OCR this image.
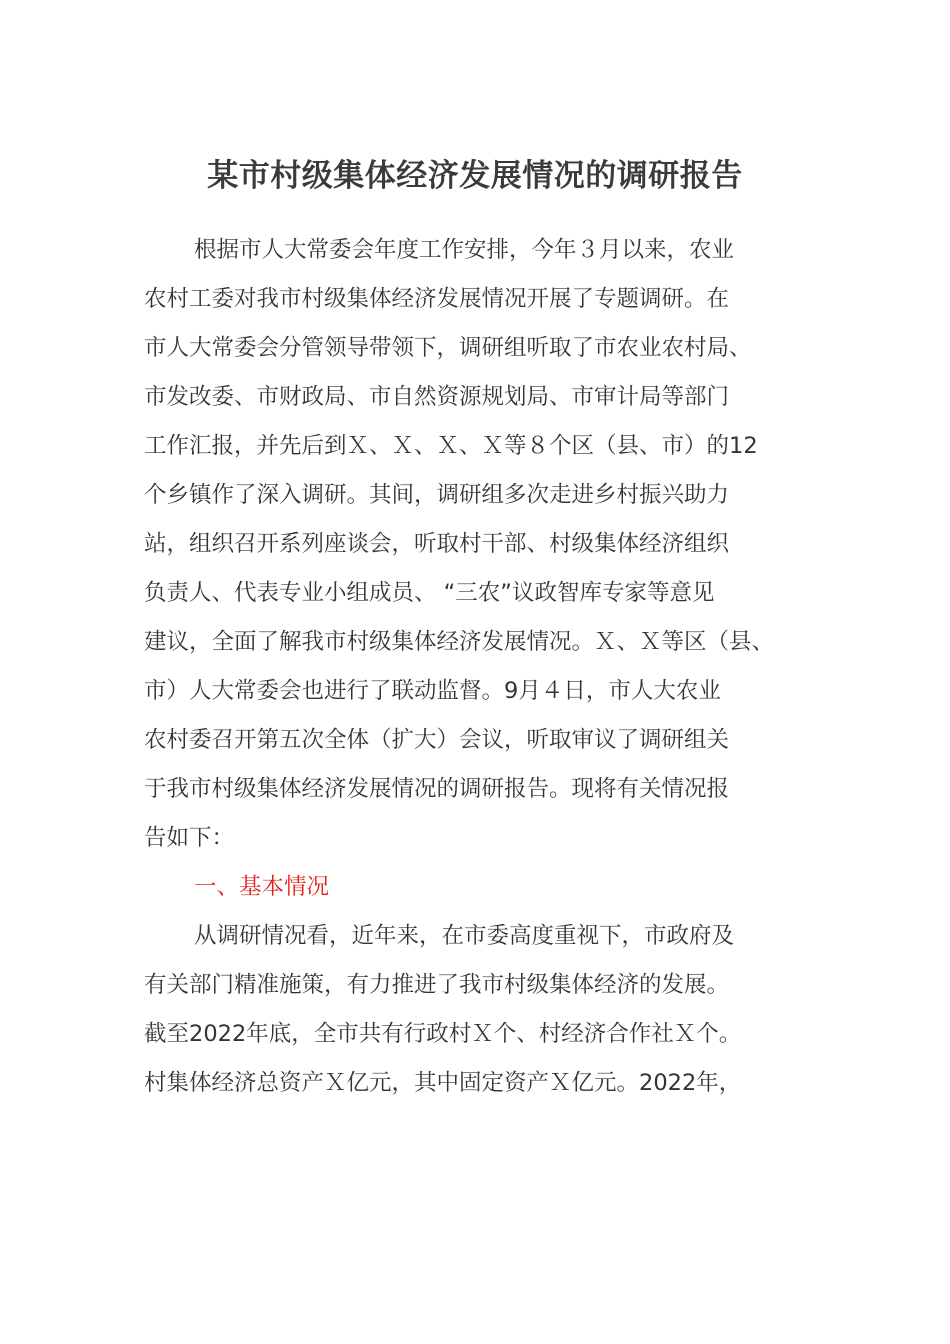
某市村级集体经济发展情况的调研报告
根据市人大常委会年度工作安排，今年３月以来，农业
农村工委对我市村级集体经济发展情况开展了专题调研。在
市人大常委会分管领导带领下，调研组听取了市农业农村局、
市发改委、市财政局、市自然资源规划局、市审计局等部门
工作汇报，并先后到Ｘ、Ｘ、Ｘ、Ｘ等８个区（县、市）的12
个乡镇作了深入调研。其间，调研组多次走进乡村振兴助力
站，组织召开系列座谈会，听取村干部、村级集体经济组织
负责人、代表专业小组成员、 “三农”议政智库专家等意见
建议，全面了解我市村级集体经济发展情况。Ｘ、Ｘ等区（县、
市）人大常委会也进行了联动监督。9月４日，市人大农业
农村委召开第五次全体（扩大）会议，听取审议了调研组关
于我市村级集体经济发展情况的调研报告。现将有关情况报
告如下：
一、基本情况
从调研情况看，近年来，在市委高度重视下，市政府及
有关部门精准施策，有力推进了我市村级集体经济的发展。
截至2022年底，全市共有行政村Ｘ个、村经济合作社Ｘ个。
村集体经济总资产Ｘ亿元，其中固定资产Ｘ亿元。2022年，
